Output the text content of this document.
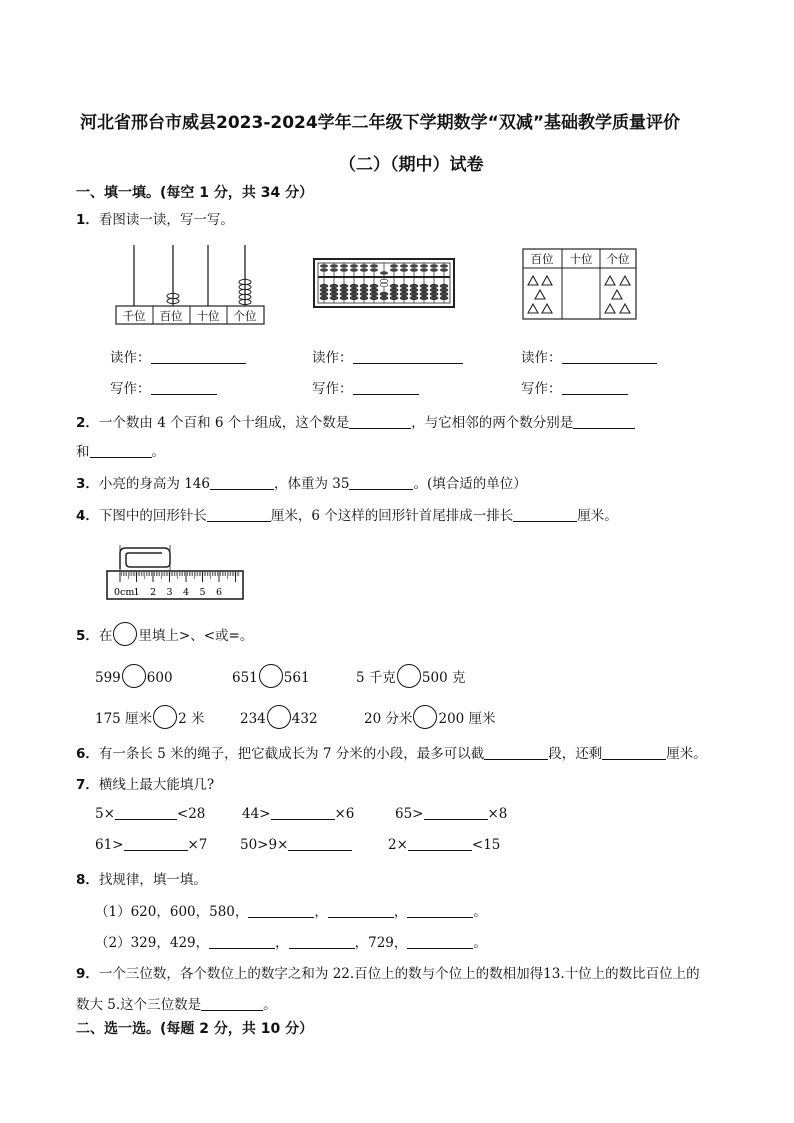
河北省邢台市威县2023-2024学年二年级下学期数学“双减”基础教学质量评价
（二）（期中）试卷
一、填一填。(每空 1 分，共 34 分）
1．看图读一读，写一写。
千位 百位 十位 个位
百位 十位 个位
读作：	读作：	读作：
写作：	写作：	写作：
2．一个数由 4 个百和 6 个十组成，这个数是	，与它相邻的两个数分别是
和	。
3．小亮的身高为 146	，体重为 35	。(填合适的单位）
4．下图中的回形针长	厘米，6 个这样的回形针首尾排成一排长	厘米。
0cm 1 2 3 4 5 6
5．在 里填上>、<或=。
599 600	651 561	5 千克 500 克
175 厘米 2 米	234 432	20 分米 200 厘米
6．有一条长 5 米的绳子，把它截成长为 7 分米的小段，最多可以截	段，还剩	厘米。
7．横线上最大能填几?
5×	<28	44>	×6	65>	×8
61>	×7 50>9×	2×	<15
8．找规律，填一填。
（1）620，600，580，	，	，	。
（2）329，429，	，	，729，	。
9．一个三位数，各个数位上的数字之和为 22.百位上的数与个位上的数相加得13.十位上的数比百位上的
数大 5.这个三位数是	。
二、选一选。(每题 2 分，共 10 分）
